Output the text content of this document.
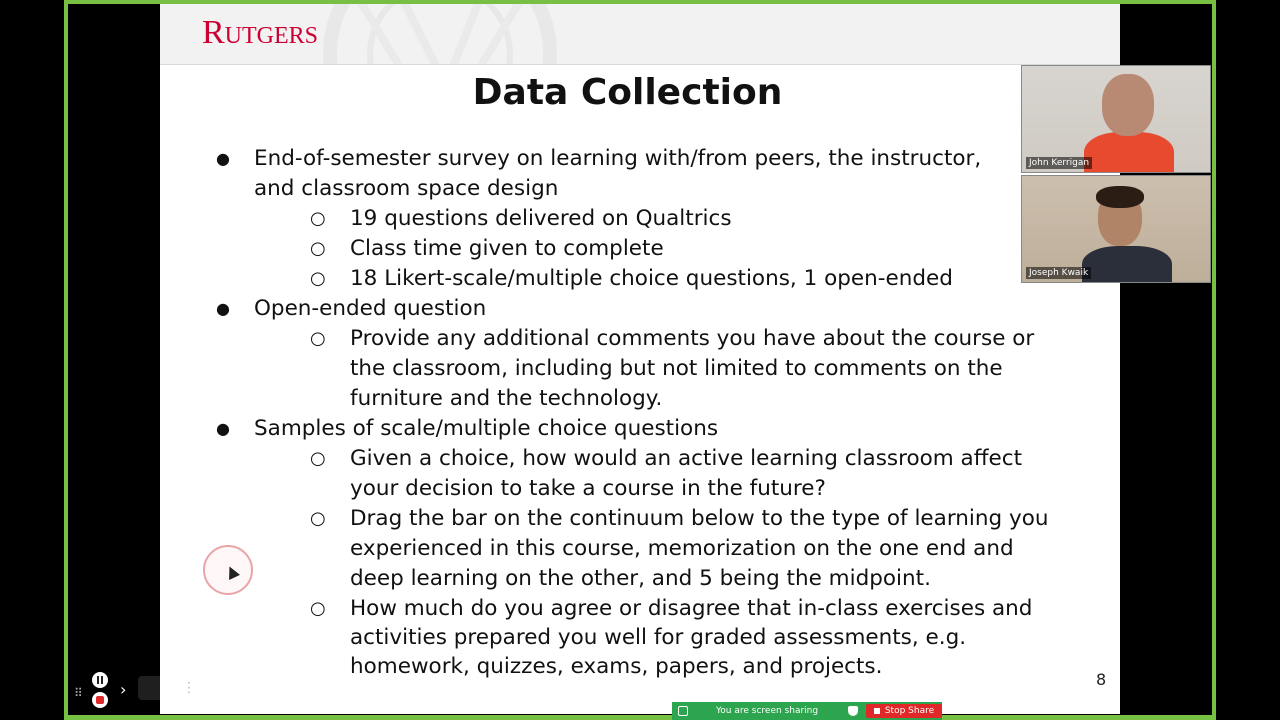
Rutgers
Data Collection
● End-of-semester survey on learning with/from peers, the instructor, and classroom space design
○ 19 questions delivered on Qualtrics
○ Class time given to complete
○ 18 Likert-scale/multiple choice questions, 1 open-ended
● Open-ended question
○ Provide any additional comments you have about the course or the classroom, including but not limited to comments on the furniture and the technology.
● Samples of scale/multiple choice questions
○ Given a choice, how would an active learning classroom affect your decision to take a course in the future?
○ Drag the bar on the continuum below to the type of learning you experienced in this course, memorization on the one end and deep learning on the other, and 5 being the midpoint.
○ How much do you agree or disagree that in-class exercises and activities prepared you well for graded assessments, e.g. homework, quizzes, exams, papers, and projects.
8
John Kerrigan
Joseph Kwaik
You are screen sharing	Stop Share
⠿ ›	⋮
